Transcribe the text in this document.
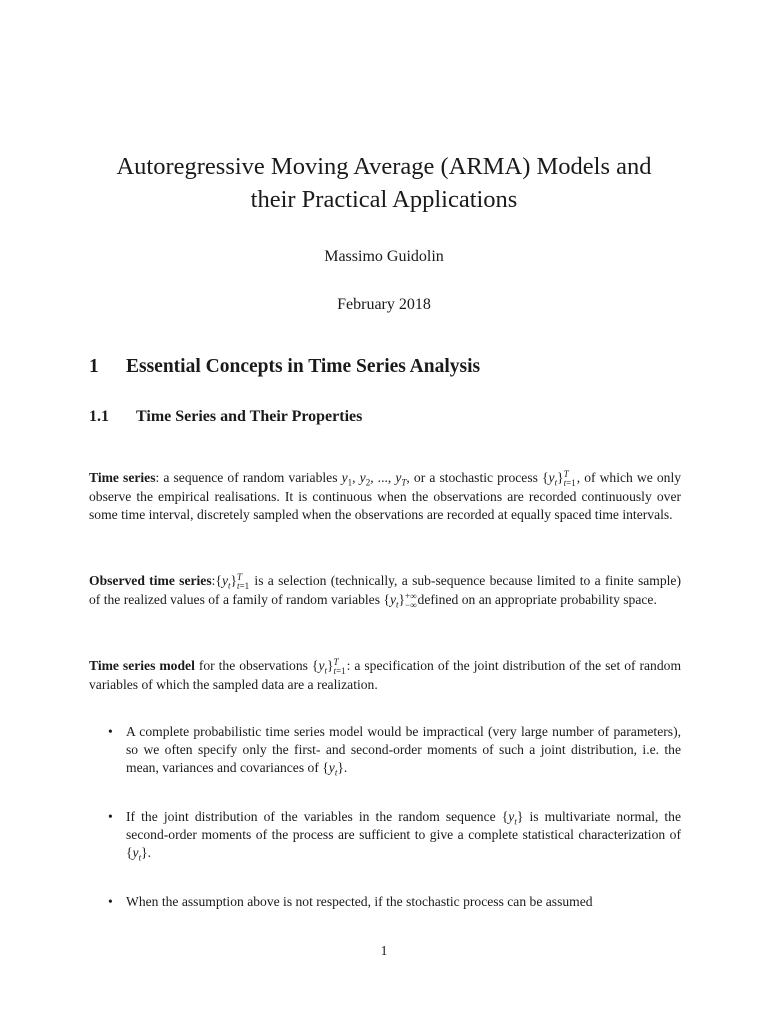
Autoregressive Moving Average (ARMA) Models and
their Practical Applications
Massimo Guidolin
February 2018
1 Essential Concepts in Time Series Analysis
1.1 Time Series and Their Properties
Time series: a sequence of random variables $y_1$, $y_2$, ..., $y_T$, or a stochastic process $\{y_t\}$ T
t=1 , of which we only observe the empirical realisations. It is continuous when the observations are recorded continuously over some time interval, discretely sampled when the observations are recorded at equally spaced time intervals.
Observed time $series:\{y_t\}$ T
t=1 is a selection (technically, a sub-sequence because limited to a finite sample) of the realized values of a family of random variables $\{y_t\}$ +∞
−∞ defined on an appropriate probability space.
Time series model for the observations $\{y_t\}$ T
t=1 : a specification of the joint distribution of the set of random variables of which the sampled data are a realization.
• A complete probabilistic time series model would be impractical (very large number of parameters), so we often specify only the first- and second-order moments of such a joint distribution, i.e. the mean, variances and covariances of $\{y_t\}$.
• If the joint distribution of the variables in the random sequence $\{y_t\}$ is multivariate normal, the second-order moments of the process are sufficient to give a complete statistical characterization of $\{y_t\}$.
• When the assumption above is not respected, if the stochastic process can be assumed
1
